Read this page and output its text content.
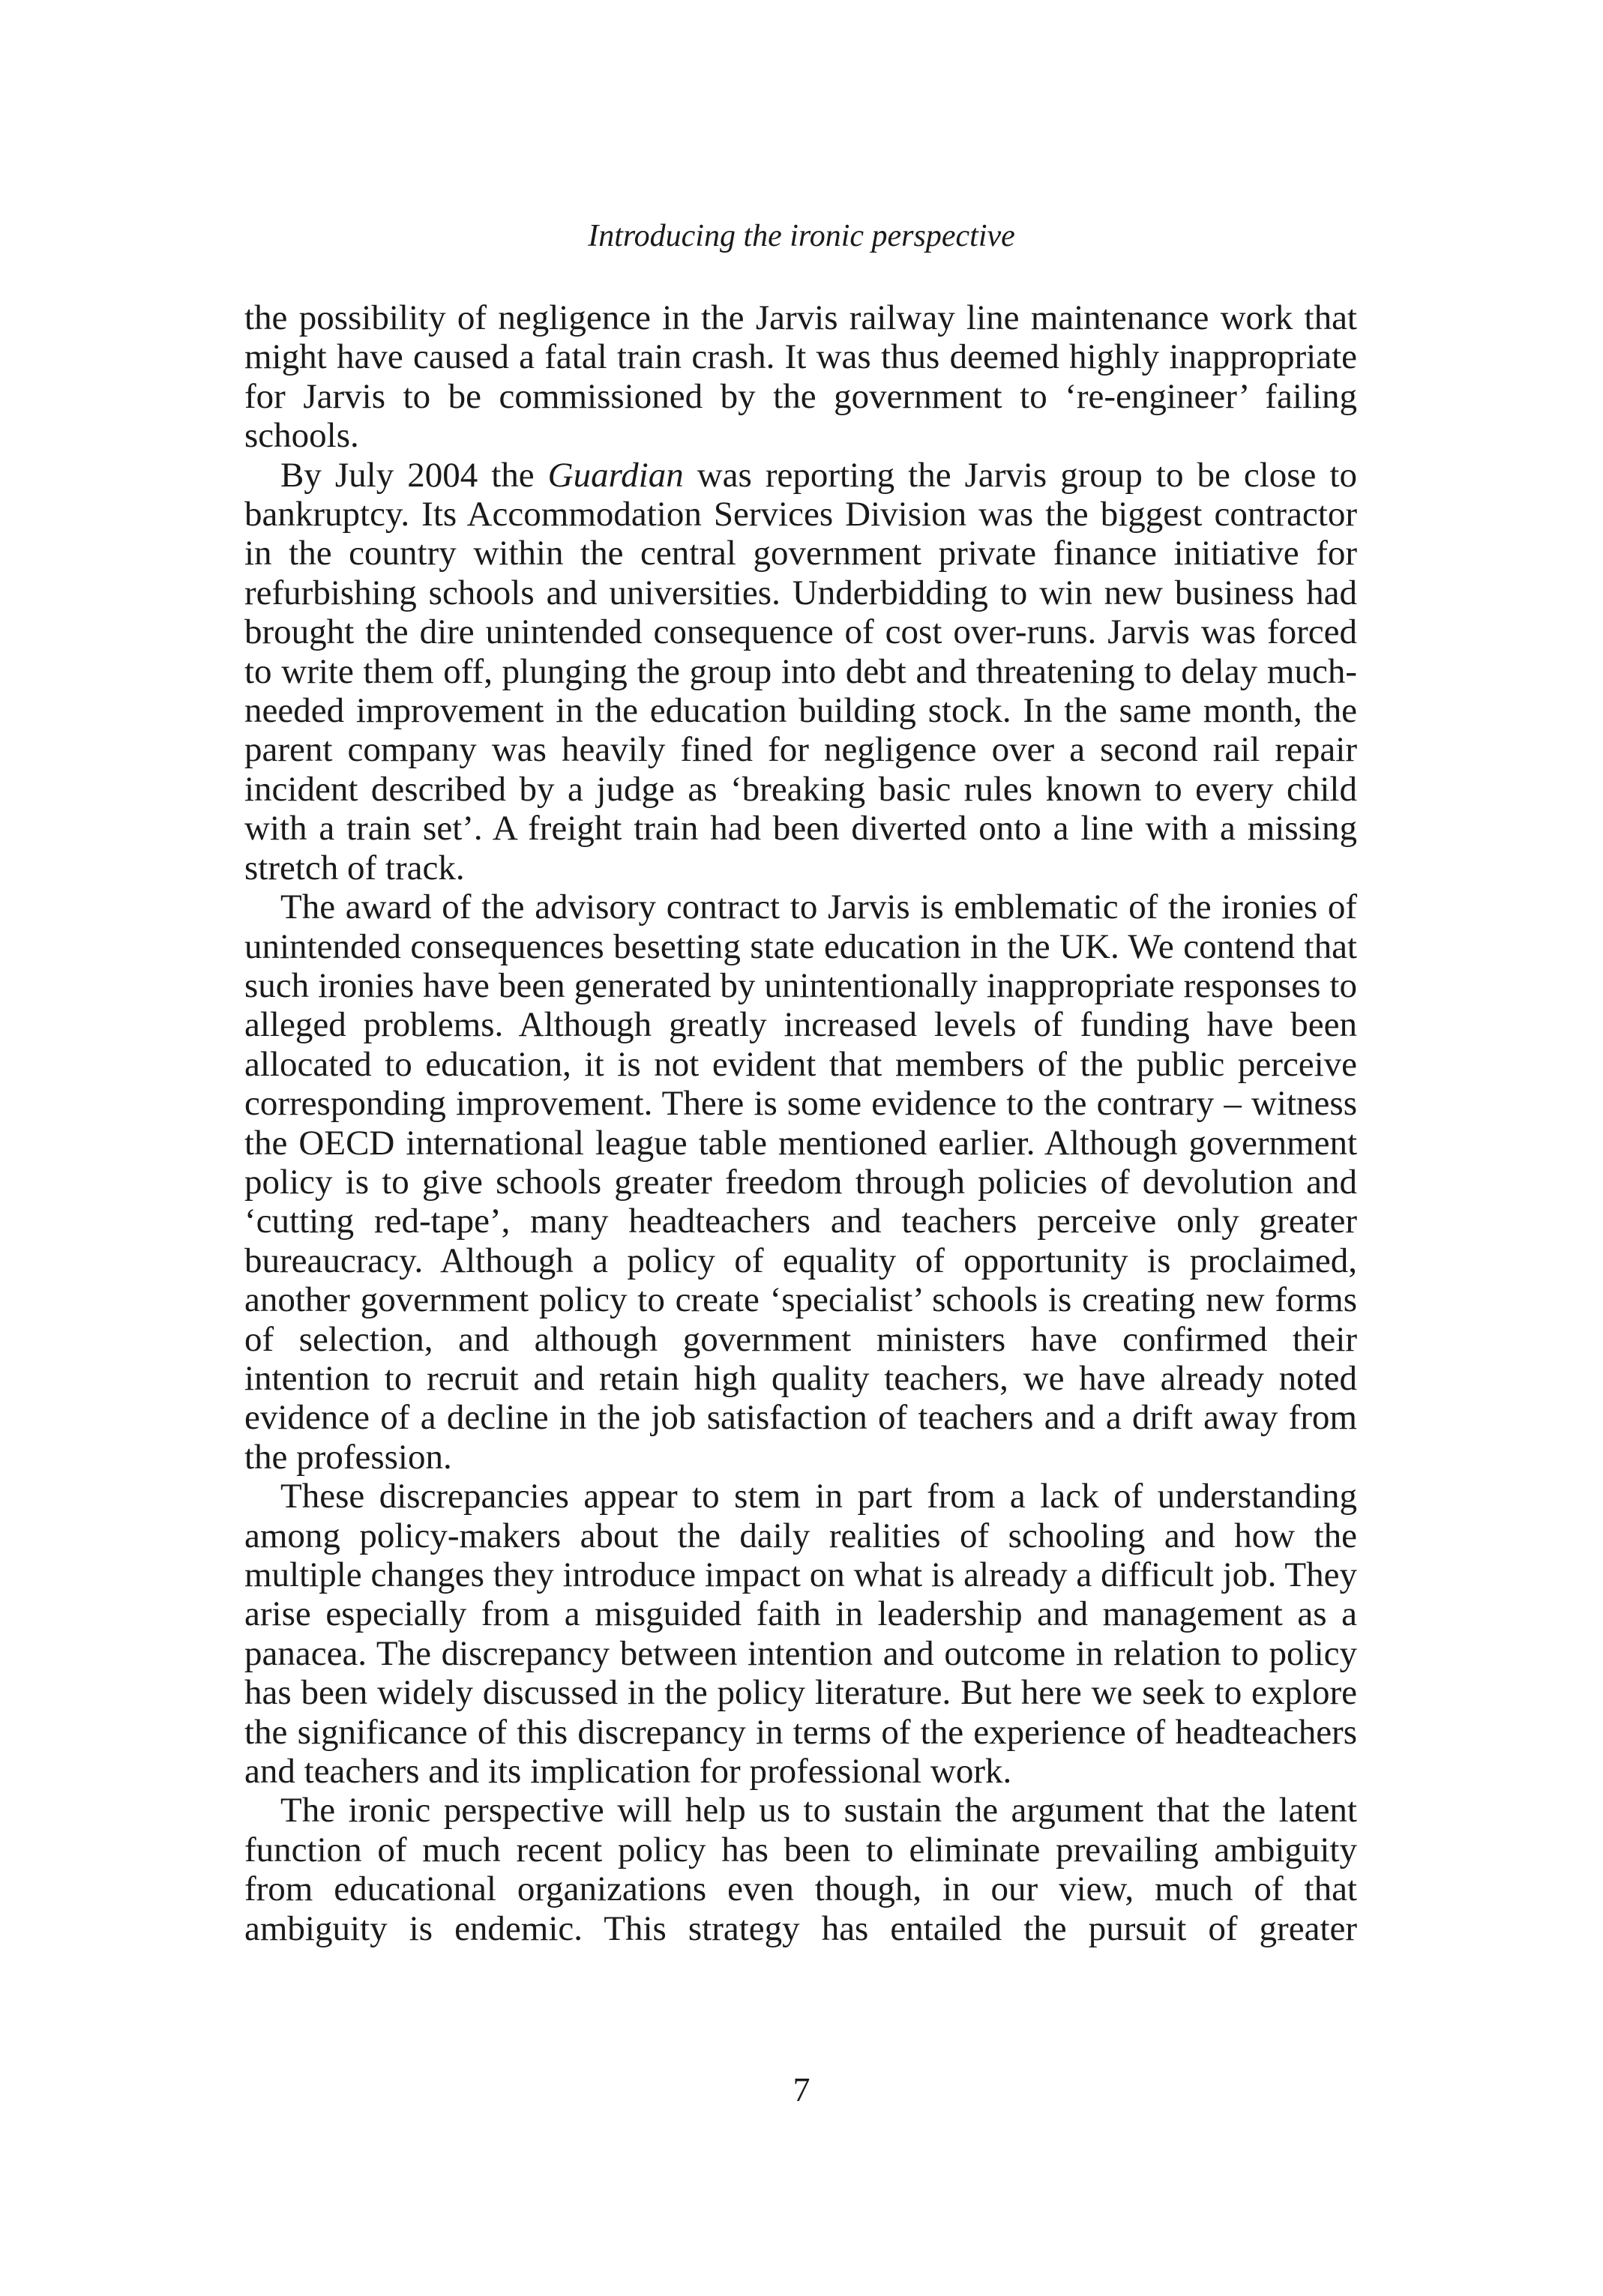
Introducing the ironic perspective

the possibility of negligence in the Jarvis railway line maintenance work that might have caused a fatal train crash. It was thus deemed highly inappropriate for Jarvis to be commissioned by the government to ‘re-engineer’ failing schools.

By July 2004 the Guardian was reporting the Jarvis group to be close to bankruptcy. Its Accommodation Services Division was the biggest contractor in the country within the central government private finance initiative for refurbishing schools and universities. Underbidding to win new business had brought the dire unintended consequence of cost over-runs. Jarvis was forced to write them off, plunging the group into debt and threatening to delay much-needed improvement in the education building stock. In the same month, the parent company was heavily fined for negligence over a second rail repair incident described by a judge as ‘breaking basic rules known to every child with a train set’. A freight train had been diverted onto a line with a missing stretch of track.

The award of the advisory contract to Jarvis is emblematic of the ironies of unintended consequences besetting state education in the UK. We contend that such ironies have been generated by unintentionally inappropriate responses to alleged problems. Although greatly increased levels of funding have been allocated to education, it is not evident that members of the public perceive corresponding improvement. There is some evidence to the contrary – witness the OECD international league table mentioned earlier. Although government policy is to give schools greater freedom through policies of devolution and ‘cutting red-tape’, many headteachers and teachers perceive only greater bureaucracy. Although a policy of equality of opportunity is proclaimed, another government policy to create ‘specialist’ schools is creating new forms of selection, and although government ministers have confirmed their intention to recruit and retain high quality teachers, we have already noted evidence of a decline in the job satisfaction of teachers and a drift away from the profession.

These discrepancies appear to stem in part from a lack of understanding among policy-makers about the daily realities of schooling and how the multiple changes they introduce impact on what is already a difficult job. They arise especially from a misguided faith in leadership and management as a panacea. The discrepancy between intention and outcome in relation to policy has been widely discussed in the policy literature. But here we seek to explore the significance of this discrepancy in terms of the experience of headteachers and teachers and its implication for professional work.

The ironic perspective will help us to sustain the argument that the latent function of much recent policy has been to eliminate prevailing ambiguity from educational organizations even though, in our view, much of that ambiguity is endemic. This strategy has entailed the pursuit of greater

7
